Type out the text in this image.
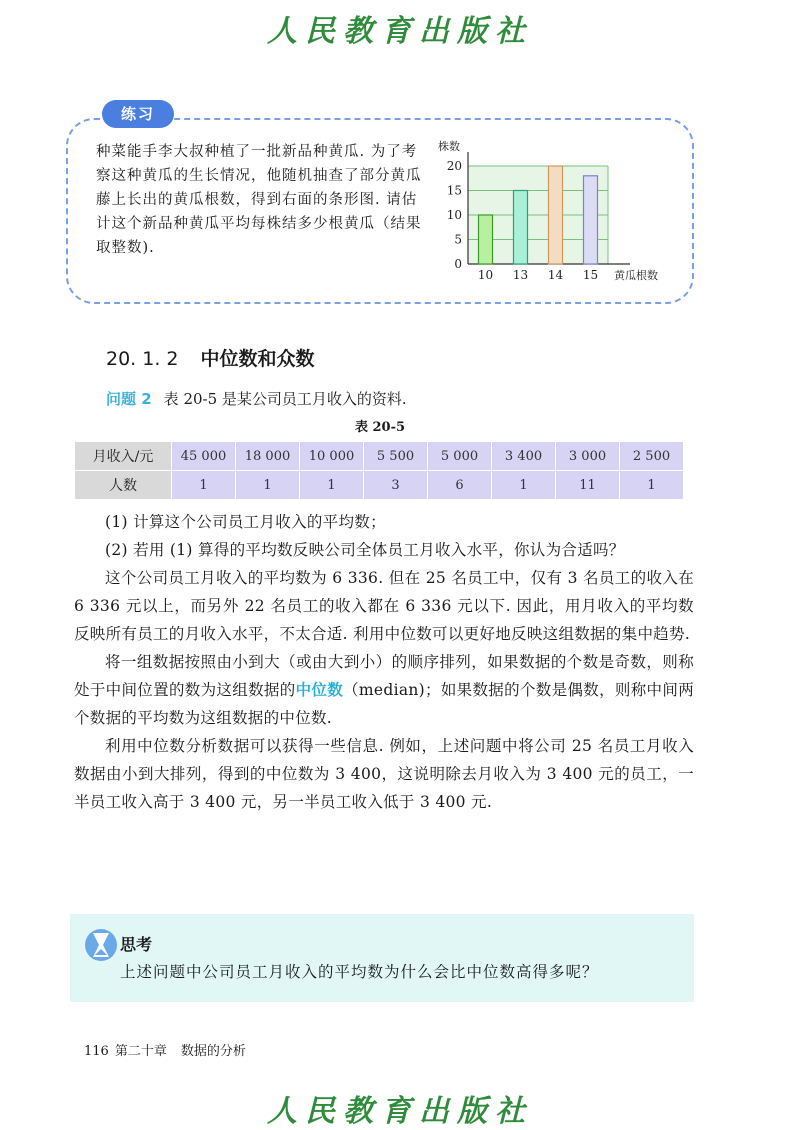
人民教育出版社
练习
种菜能手李大叔种植了一批新品种黄瓜. 为了考察这种黄瓜的生长情况，他随机抽查了部分黄瓜藤上长出的黄瓜根数，得到右面的条形图. 请估计这个新品种黄瓜平均每株结多少根黄瓜（结果取整数).
0
5
10
15
20
株数
10 13 14 15 黄瓜根数
20. 1. 2 中位数和众数
问题 2 表 20-5 是某公司员工月收入的资料.
表 20-5
月收入/元	45 000	18 000	10 000	5 500	5 000	3 400	3 000	2 500
人数	1	1	1	3	6	1	11	1

(1) 计算这个公司员工月收入的平均数；

(2) 若用 (1) 算得的平均数反映公司全体员工月收入水平，你认为合适吗？

这个公司员工月收入的平均数为 6 336. 但在 25 名员工中，仅有 3 名员工的收入在 6 336 元以上，而另外 22 名员工的收入都在 6 336 元以下. 因此，用月收入的平均数反映所有员工的月收入水平，不太合适. 利用中位数可以更好地反映这组数据的集中趋势.

将一组数据按照由小到大（或由大到小）的顺序排列，如果数据的个数是奇数，则称处于中间位置的数为这组数据的中位数（median)；如果数据的个数是偶数，则称中间两个数据的平均数为这组数据的中位数.

利用中位数分析数据可以获得一些信息. 例如，上述问题中将公司 25 名员工月收入数据由小到大排列，得到的中位数为 3 400，这说明除去月收入为 3 400 元的员工，一半员工收入高于 3 400 元，另一半员工收入低于 3 400 元.

思考
上述问题中公司员工月收入的平均数为什么会比中位数高得多呢？
116 第二十章 数据的分析
人民教育出版社
